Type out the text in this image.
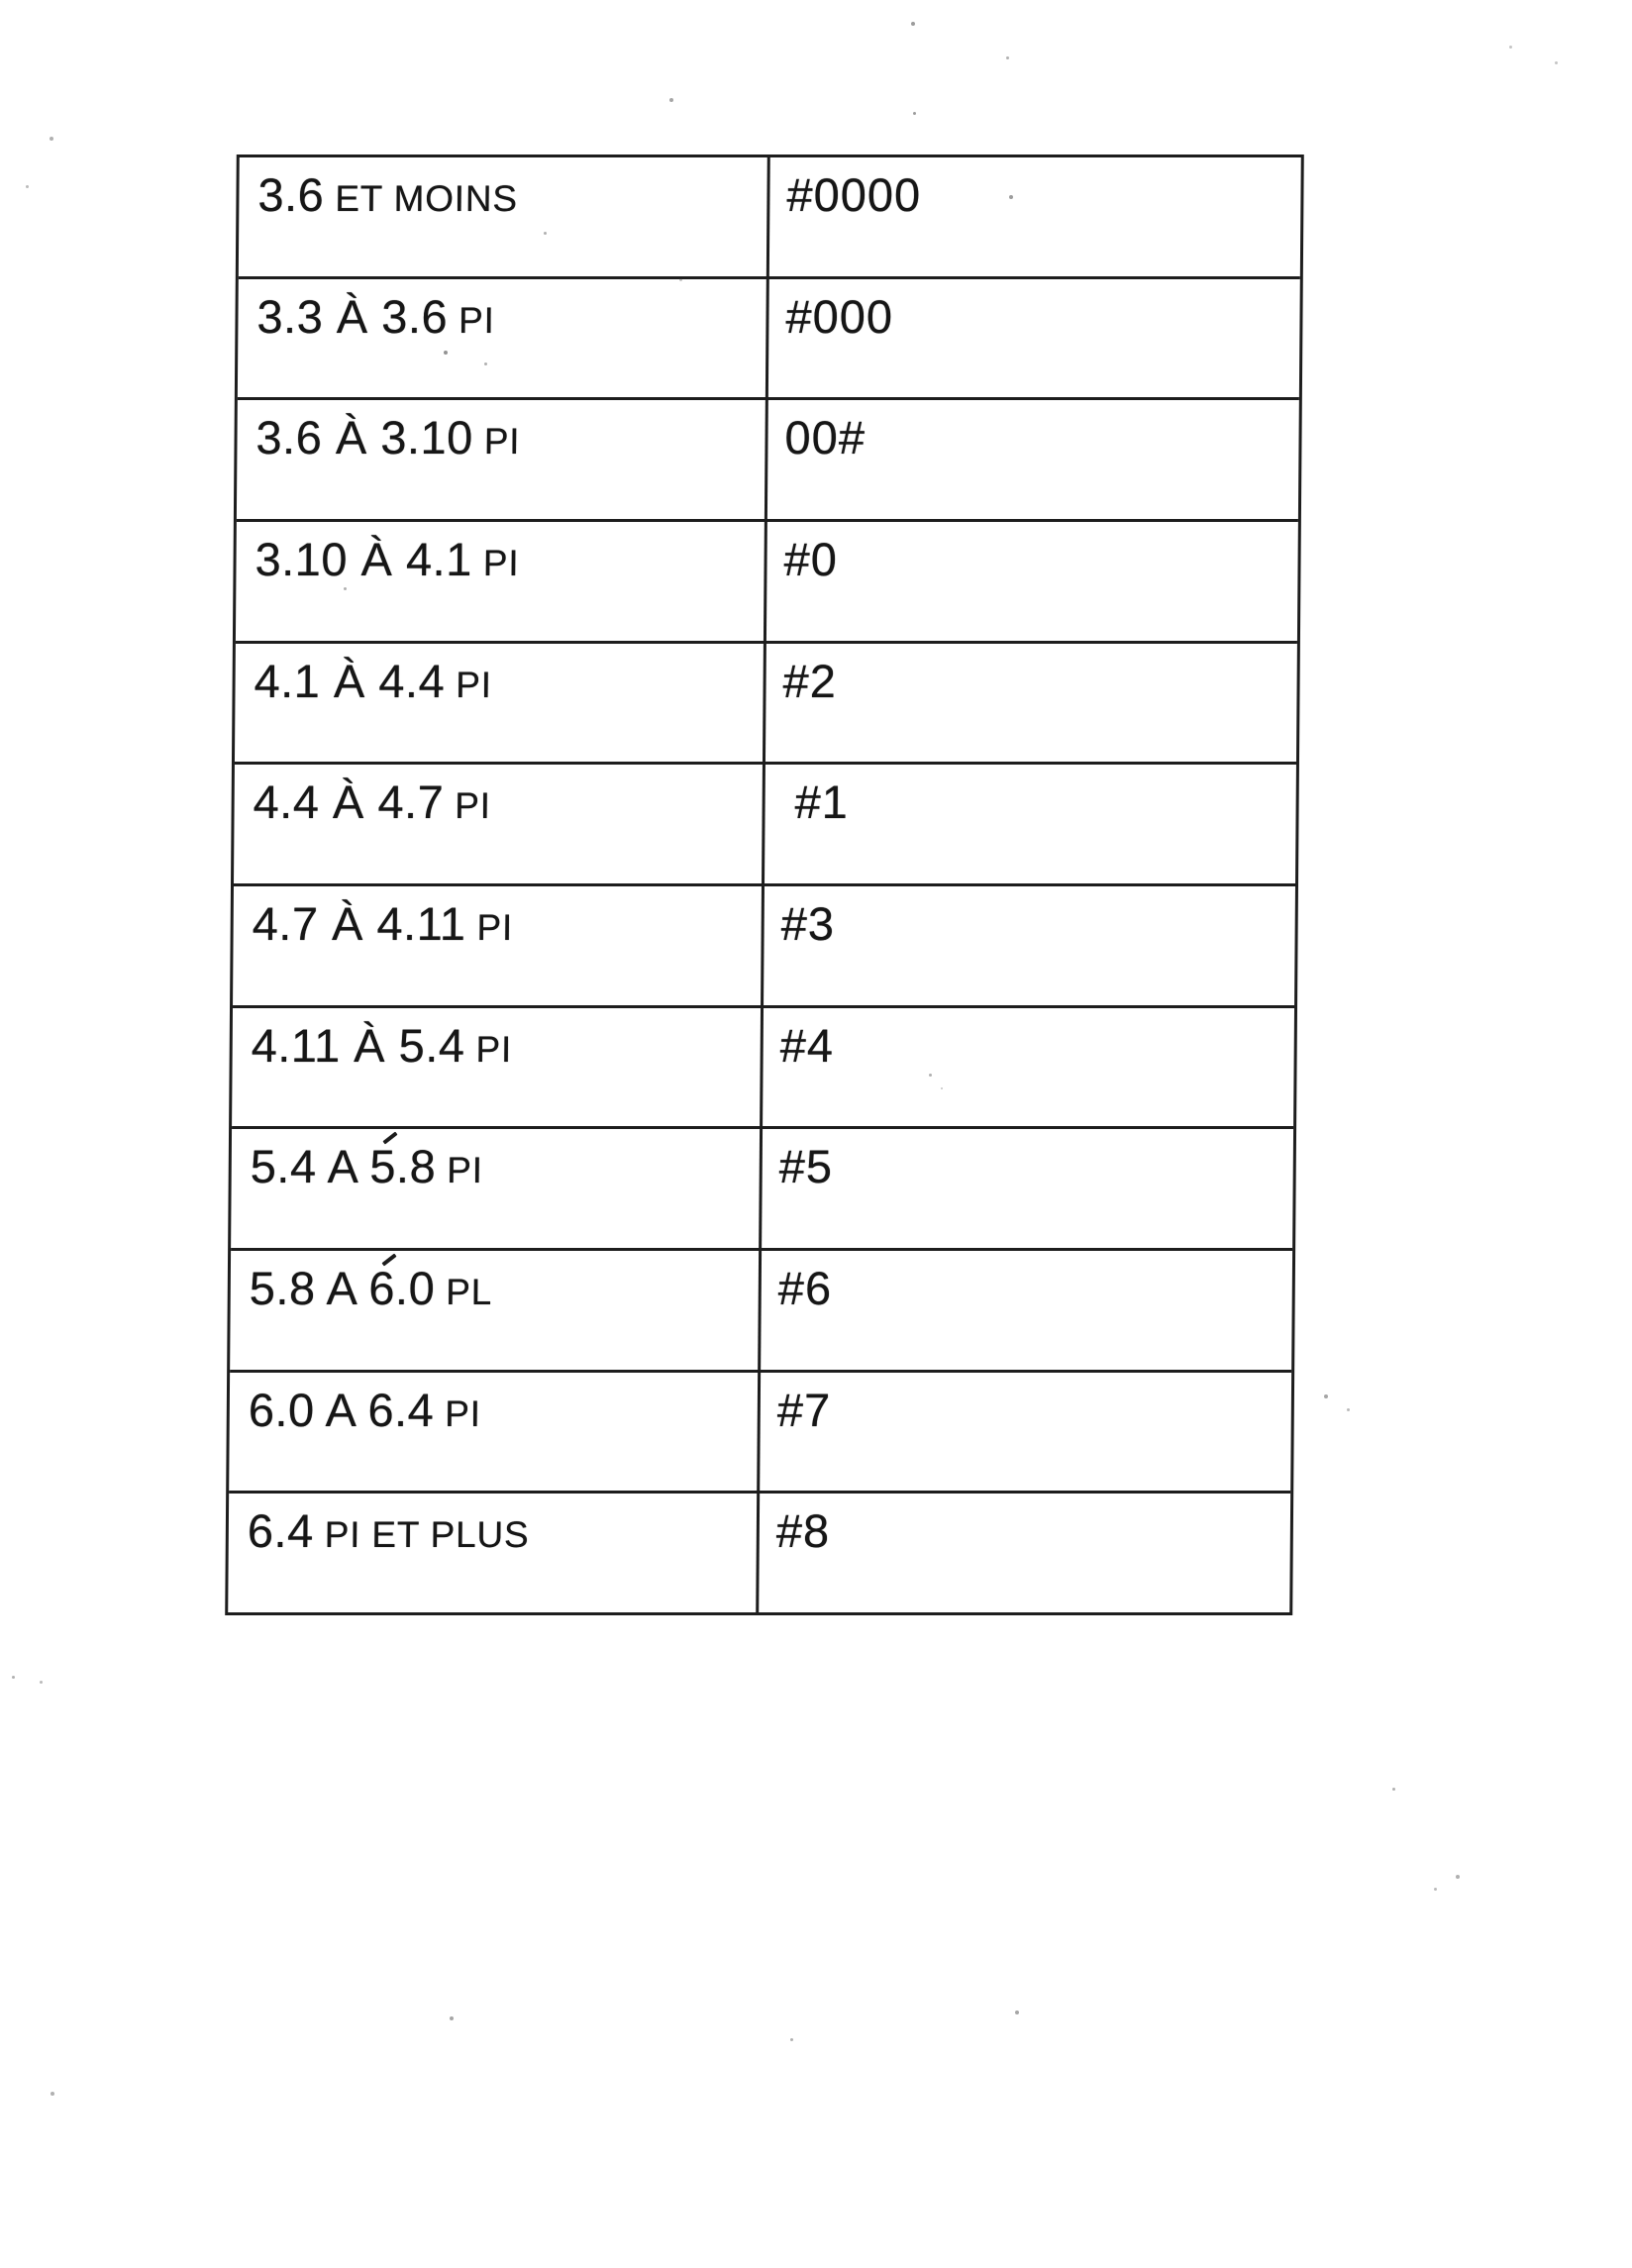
3.6 ET MOINS	#0000
3.3 À 3.6 PI	#000
3.6 À 3.10 PI	00#
3.10 À 4.1 PI	#0
4.1 À 4.4 PI	#2
4.4 À 4.7 PI	#1
4.7 À 4.11 PI	#3
4.11 À 5.4 PI	#4
5.4 A 5.8 PI	#5
5.8 A 6.0 PL	#6
6.0 A 6.4 PI	#7
6.4 PI ET PLUS	#8
